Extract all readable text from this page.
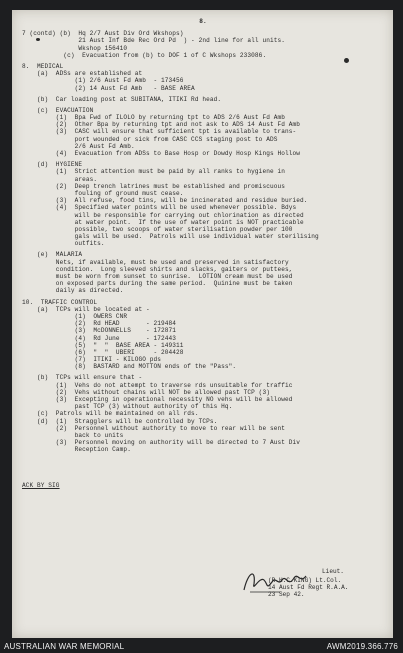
8.
7 (contd) (b)  Hq 2/7 Aust Div Ord Wkshops)
21 Aust Inf Bde Rec Ord Pd  ) - 2nd line for all units.
Wkshop 156410
(c)  Evacuation from (b) to DOF 1 of C Wkshops 233086.
8.  MEDICAL
(a)  ADSs are established at
(1) 2/6 Aust Fd Amb  - 173456
(2) 14 Aust Fd Amb   - BASE AREA
(b)  Car loading post at SUBITANA, ITIKI Rd head.
(c)  EVACUATION
(1)  Bpa Fwd of ILOLO by returning tpt to ADS 2/6 Aust Fd Amb
(2)  Other Bpa by returning tpt and not ask to ADS 14 Aust Fd Amb
(3)  CASC will ensure that sufficient tpt is available to trans-
port wounded or sick from CASC CCS staging post to ADS
2/6 Aust Fd Amb.
(4)  Evacuation from ADSs to Base Hosp or Dowdy Hosp Kings Hollow
(d)  HYGIENE
(1)  Strict attention must be paid by all ranks to hygiene in
areas.
(2)  Deep trench latrines must be established and promiscuous
fouling of ground must cease.
(3)  All refuse, food tins, will be incinerated and residue buried.
(4)  Specified water points will be used whenever possible. Bdys
will be responsible for carrying out chlorination as directed
at water point.  If the use of water point is NOT practicable
possible, two scoops of water sterilisation powder per 100
gals will be used.  Patrols will use individual water sterilising
outfits.
(e)  MALARIA
Nets, if available, must be used and preserved in satisfactory
condition.  Long sleeved shirts and slacks, gaiters or puttees,
must be worn from sunset to sunrise.  LOTION cream must be used
on exposed parts during the same period.  Quinine must be taken
daily as directed.
10.  TRAFFIC CONTROL
(a)  TCPs will be located at -
(1)  OWERS CNR
(2)  Rd HEAD       - 219484
(3)  McDONNELLS    - 172871
(4)  Rd June       - 172443
(5)  "  "  BASE AREA - 149311
(6)  "  "  UBERI     - 204428
(7)  ITIKI - KILOGO pds
(8)  BASTARD and MOTTON ends of the "Pass".
(b)  TCPs will ensure that -
(1)  Vehs do not attempt to traverse rds unsuitable for traffic
(2)  Vehs without chains will NOT be allowed past TCP (3)
(3)  Excepting in operational necessity NO vehs will be allowed
past TCP (3) without authority of this Hq.
(c)  Patrols will be maintained on all rds.
(d)  (1)  Stragglers will be controlled by TCPs.
(2)  Personnel without authority to move to rear will be sent
back to units
(3)  Personnel moving on authority will be directed to 7 Aust Div
Reception Camp.
ACK BY SIG

Lieut.

(R.H.C.KING) Lt.Col.
14 Aust Fd Regt R.A.A.
23 Sep 42.

AUSTRALIAN WAR MEMORIAL	AWM2019.366.776
